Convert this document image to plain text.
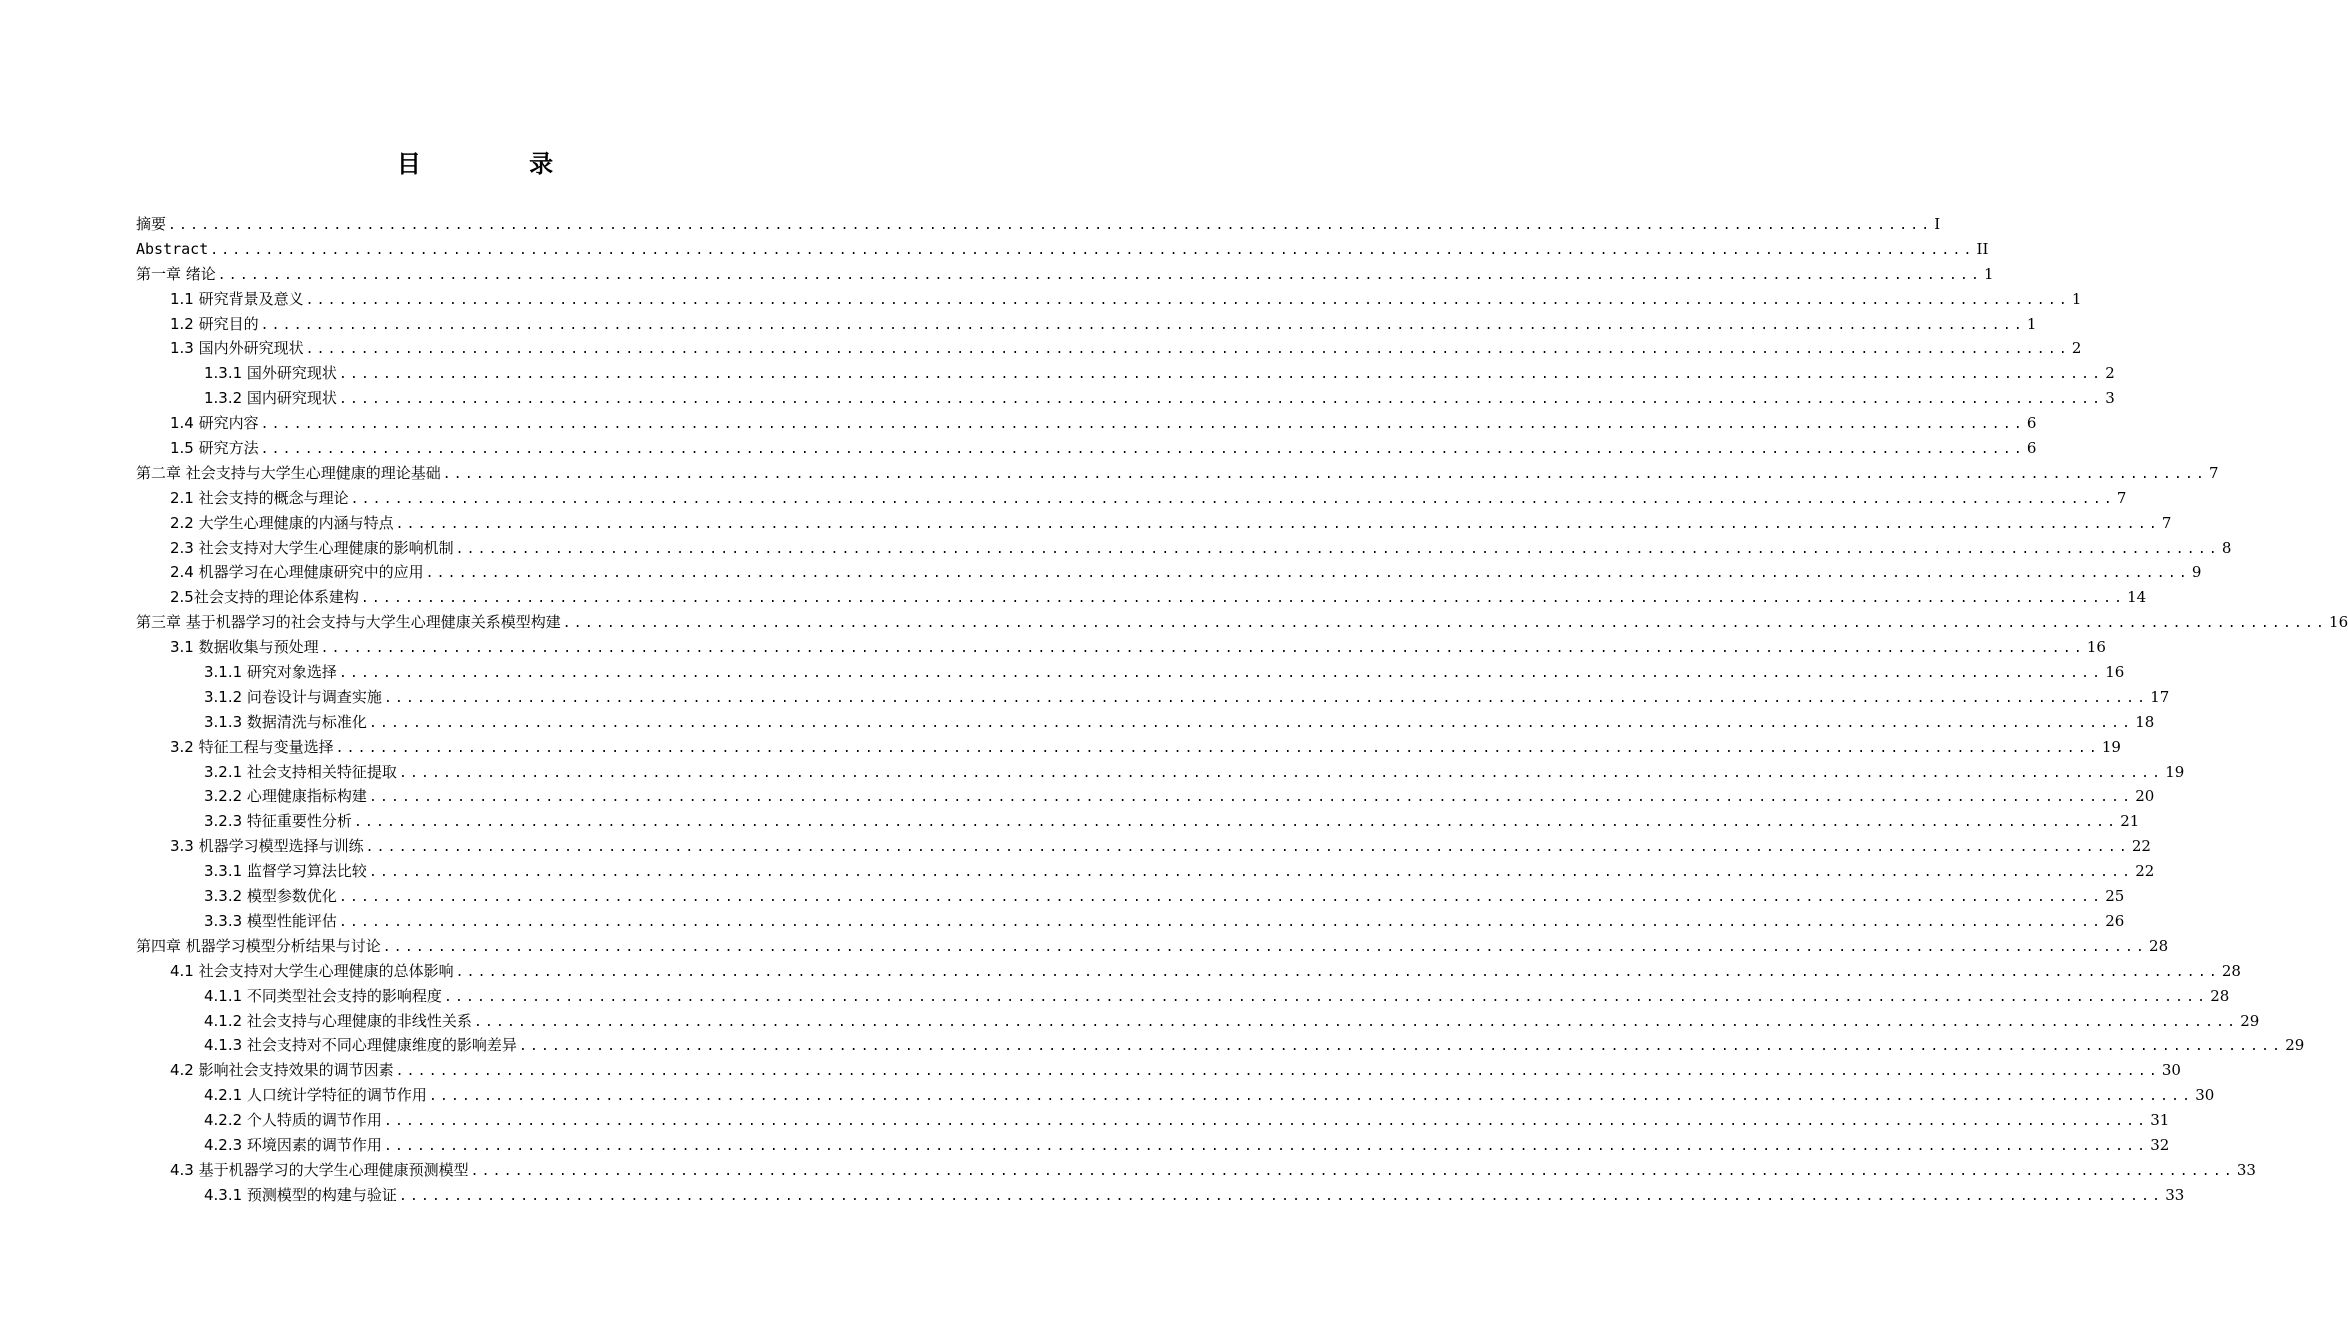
目 录
摘要 ................................................................................................................................................................ I
Abstract ................................................................................................................................................................ II
第一章 绪论 ................................................................................................................................................................ 1
1.1 研究背景及意义 ................................................................................................................................................................ 1
1.2 研究目的 ................................................................................................................................................................ 1
1.3 国内外研究现状 ................................................................................................................................................................ 2
1.3.1 国外研究现状 ................................................................................................................................................................ 2
1.3.2 国内研究现状 ................................................................................................................................................................ 3
1.4 研究内容 ................................................................................................................................................................ 6
1.5 研究方法 ................................................................................................................................................................ 6
第二章 社会支持与大学生心理健康的理论基础 ................................................................................................................................................................ 7
2.1 社会支持的概念与理论 ................................................................................................................................................................ 7
2.2 大学生心理健康的内涵与特点 ................................................................................................................................................................ 7
2.3 社会支持对大学生心理健康的影响机制 ................................................................................................................................................................ 8
2.4 机器学习在心理健康研究中的应用 ................................................................................................................................................................ 9
2.5社会支持的理论体系建构 ................................................................................................................................................................ 14
第三章 基于机器学习的社会支持与大学生心理健康关系模型构建 ................................................................................................................................................................ 16
3.1 数据收集与预处理 ................................................................................................................................................................ 16
3.1.1 研究对象选择 ................................................................................................................................................................ 16
3.1.2 问卷设计与调查实施 ................................................................................................................................................................ 17
3.1.3 数据清洗与标准化 ................................................................................................................................................................ 18
3.2 特征工程与变量选择 ................................................................................................................................................................ 19
3.2.1 社会支持相关特征提取 ................................................................................................................................................................ 19
3.2.2 心理健康指标构建 ................................................................................................................................................................ 20
3.2.3 特征重要性分析 ................................................................................................................................................................ 21
3.3 机器学习模型选择与训练 ................................................................................................................................................................ 22
3.3.1 监督学习算法比较 ................................................................................................................................................................ 22
3.3.2 模型参数优化 ................................................................................................................................................................ 25
3.3.3 模型性能评估 ................................................................................................................................................................ 26
第四章 机器学习模型分析结果与讨论 ................................................................................................................................................................ 28
4.1 社会支持对大学生心理健康的总体影响 ................................................................................................................................................................ 28
4.1.1 不同类型社会支持的影响程度 ................................................................................................................................................................ 28
4.1.2 社会支持与心理健康的非线性关系 ................................................................................................................................................................ 29
4.1.3 社会支持对不同心理健康维度的影响差异 ................................................................................................................................................................ 29
4.2 影响社会支持效果的调节因素 ................................................................................................................................................................ 30
4.2.1 人口统计学特征的调节作用 ................................................................................................................................................................ 30
4.2.2 个人特质的调节作用 ................................................................................................................................................................ 31
4.2.3 环境因素的调节作用 ................................................................................................................................................................ 32
4.3 基于机器学习的大学生心理健康预测模型 ................................................................................................................................................................ 33
4.3.1 预测模型的构建与验证 ................................................................................................................................................................ 33
